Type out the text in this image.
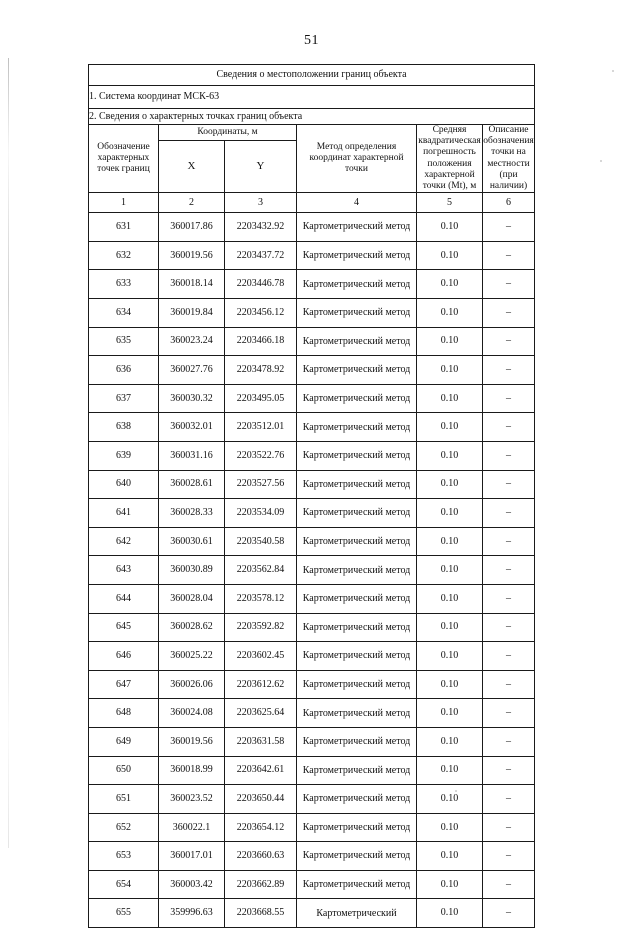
51
Сведения о местоположении границ объекта					
1. Система координат МСК-63					
2. Сведения о характерных точках границ объекта					
Обозначение характерных точек границ	Координаты, м		Метод определения координат характерной точки	Средняя квадратическая погрешность положения характерной точки (Мt), м	Описание обозначения точки на местности (при наличии)
	X	Y			
1	2	3	4	5	6
631	360017.86	2203432.92	Картометрический метод	0.10	–
632	360019.56	2203437.72	Картометрический метод	0.10	–
633	360018.14	2203446.78	Картометрический метод	0.10	–
634	360019.84	2203456.12	Картометрический метод	0.10	–
635	360023.24	2203466.18	Картометрический метод	0.10	–
636	360027.76	2203478.92	Картометрический метод	0.10	–
637	360030.32	2203495.05	Картометрический метод	0.10	–
638	360032.01	2203512.01	Картометрический метод	0.10	–
639	360031.16	2203522.76	Картометрический метод	0.10	–
640	360028.61	2203527.56	Картометрический метод	0.10	–
641	360028.33	2203534.09	Картометрический метод	0.10	–
642	360030.61	2203540.58	Картометрический метод	0.10	–
643	360030.89	2203562.84	Картометрический метод	0.10	–
644	360028.04	2203578.12	Картометрический метод	0.10	–
645	360028.62	2203592.82	Картометрический метод	0.10	–
646	360025.22	2203602.45	Картометрический метод	0.10	–
647	360026.06	2203612.62	Картометрический метод	0.10	–
648	360024.08	2203625.64	Картометрический метод	0.10	–
649	360019.56	2203631.58	Картометрический метод	0.10	–
650	360018.99	2203642.61	Картометрический метод	0.10	–
651	360023.52	2203650.44	Картометрический метод	0.10	–
652	360022.1	2203654.12	Картометрический метод	0.10	–
653	360017.01	2203660.63	Картометрический метод	0.10	–
654	360003.42	2203662.89	Картометрический метод	0.10	–
655	359996.63	2203668.55	Картометрический	0.10	–
